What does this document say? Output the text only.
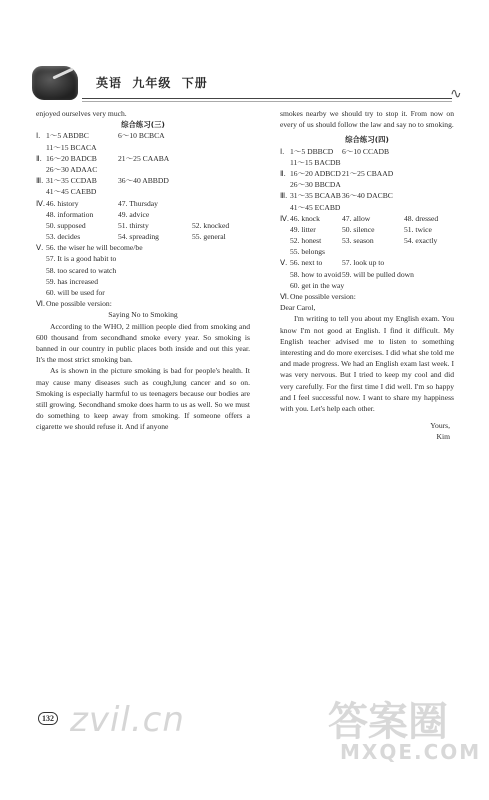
英语  九年级  下册
∿
enjoyed ourselves very much.
综合练习(三)
Ⅰ. 1～5 ABDBC	6～10 BCBCA
11～15 BCACA
Ⅱ. 16～20 BADCB	21～25 CAABA
26～30 ADAAC
Ⅲ. 31～35 CCDAB	36～40 ABBDD
41～45 CAEBD
Ⅳ. 46. history	47. Thursday
48. information	49. advice
50. supposed	51. thirsty	52. knocked
53. decides	54. spreading	55. general
Ⅴ. 56. the wiser he will become/be
57. It is a good habit to
58. too scared to watch
59. has increased
60. will be used for
Ⅵ. One possible version:
Saying No to Smoking

According to the WHO, 2 million people died from smoking and 600 thousand from secondhand smoke every year. So smoking is banned in our country in public places both inside and out this year. It's the most strict smoking ban.

As is shown in the picture smoking is bad for people's health. It may cause many diseases such as cough,lung cancer and so on. Smoking is especially harmful to us teenagers because our bodies are still growing. Secondhand smoke does harm to us as well. So we must do something to keep away from smoking. If someone offers a cigarette we should refuse it. And if anyone

smokes nearby we should try to stop it. From now on every of us should follow the law and say no to smoking.

综合练习(四)
Ⅰ. 1～5 DBBCD 6～10 CCADB
11～15 BACDB
Ⅱ. 16～20 ADBCD 21～25 CBAAD
26～30 BBCDA
Ⅲ. 31～35 BCAAB 36～40 DACBC
41～45 ECABD
Ⅳ. 46. knock	47. allow	48. dressed
49. litter	50. silence	51. twice
52. honest	53. season	54. exactly
55. belongs
Ⅴ. 56. next to	57. look up to
58. how to avoid 59. will be pulled down
60. get in the way
Ⅵ. One possible version:
Dear Carol,

I'm writing to tell you about my English exam. You know I'm not good at English. I find it difficult. My English teacher advised me to listen to something interesting and do more exercises. I did what she told me and made progress. We had an English exam last week. I was very nervous. But I tried to keep my cool and did very carefully. For the first time I did well. I'm so happy and I feel successful now. I want to share my happiness with you. Let's help each other.

Yours,
Kim
132 zvil.cn	答案圈
MXQE.COM
